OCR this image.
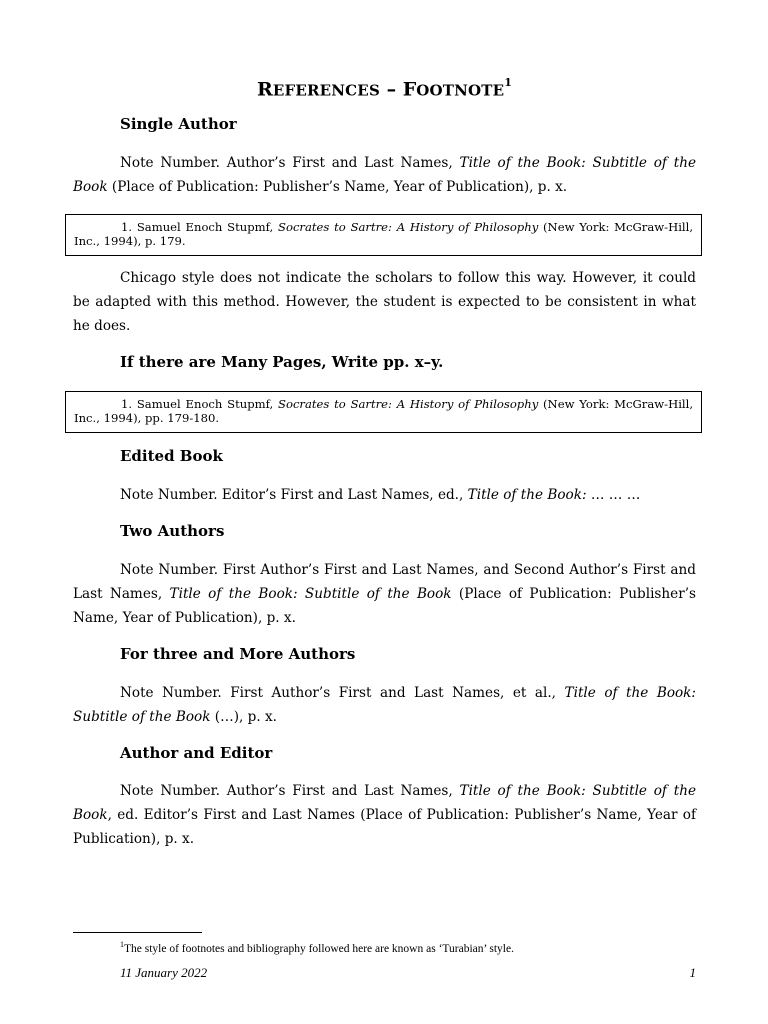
REFERENCES – FOOTNOTE$^1$
Single Author
Note Number. Author’s First and Last Names, Title of the Book: Subtitle of the Book (Place of Publication: Publisher’s Name, Year of Publication), p. x.
1. Samuel Enoch Stupmf, Socrates to Sartre: A History of Philosophy (New York: McGraw-Hill, Inc., 1994), p. 179.
Chicago style does not indicate the scholars to follow this way. However, it could be adapted with this method. However, the student is expected to be consistent in what he does.
If there are Many Pages, Write pp. x–y.
1. Samuel Enoch Stupmf, Socrates to Sartre: A History of Philosophy (New York: McGraw-Hill, Inc., 1994), pp. 179-180.
Edited Book
Note Number. Editor’s First and Last Names, ed., Title of the Book: … … …
Two Authors
Note Number. First Author’s First and Last Names, and Second Author’s First and Last Names, Title of the Book: Subtitle of the Book (Place of Publication: Publisher’s Name, Year of Publication), p. x.
For three and More Authors
Note Number. First Author’s First and Last Names, et al., Title of the Book: Subtitle of the Book (…), p. x.
Author and Editor
Note Number. Author’s First and Last Names, Title of the Book: Subtitle of the Book, ed. Editor’s First and Last Names (Place of Publication: Publisher’s Name, Year of Publication), p. x.
$^1$The style of footnotes and bibliography followed here are known as ‘Turabian’ style.
11 January 2022	1
